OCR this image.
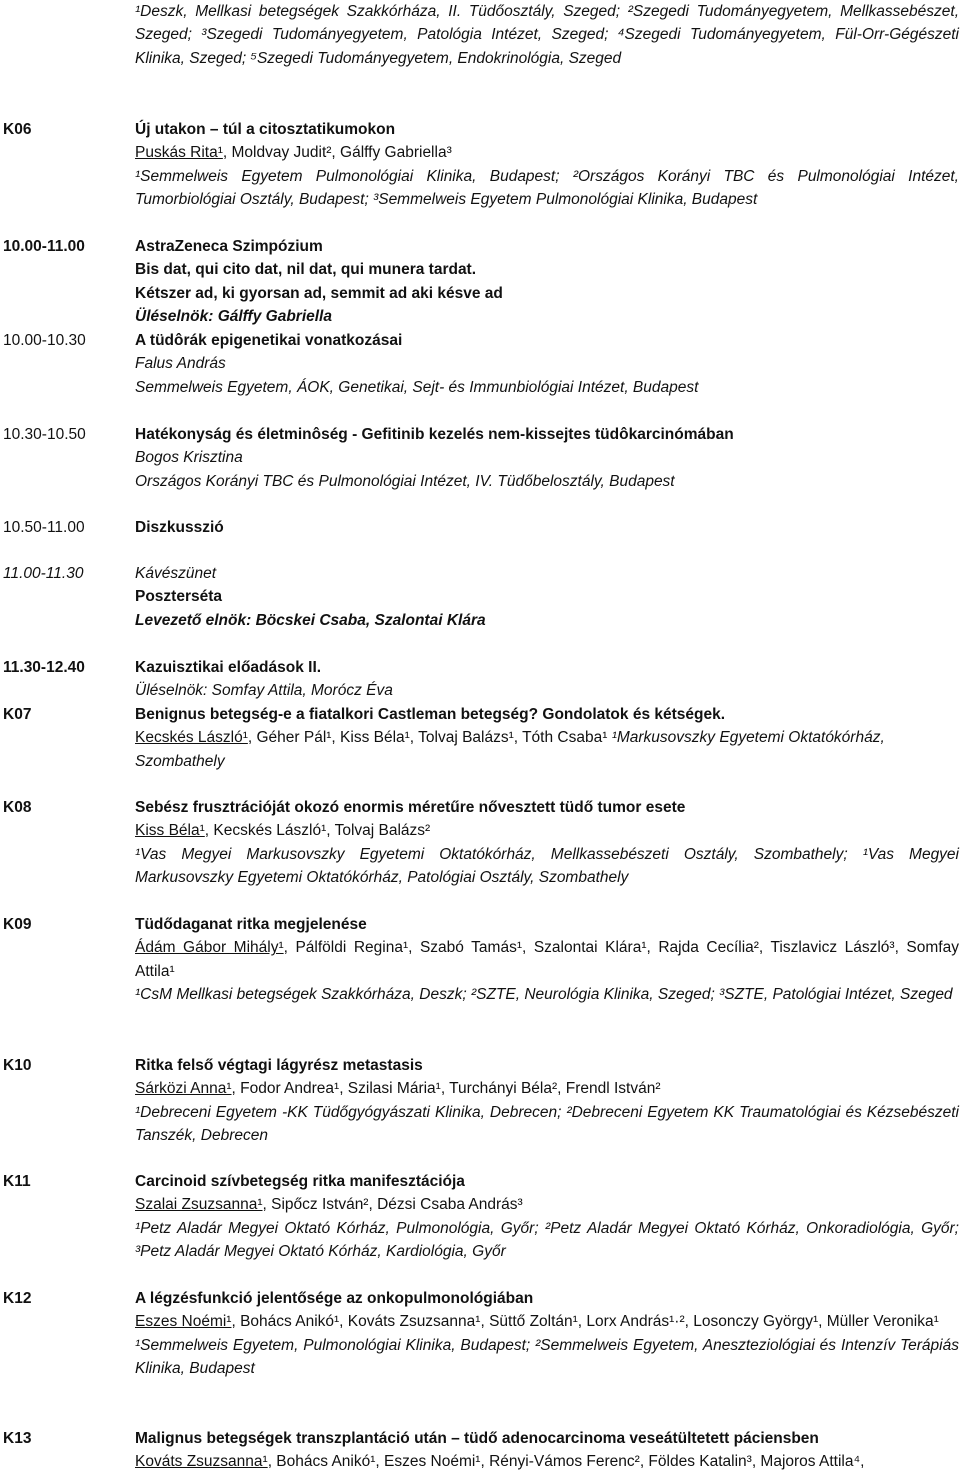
¹Deszk, Mellkasi betegségek Szakkórháza, II. Tüdőosztály, Szeged; ²Szegedi Tudományegyetem, Mellkassebészet, Szeged; ³Szegedi Tudományegyetem, Patológia Intézet, Szeged; ⁴Szegedi Tudományegyetem, Fül-Orr-Gégészeti Klinika, Szeged; ⁵Szegedi Tudományegyetem, Endokrinológia, Szeged
K06	Új utakon – túl a citosztatikumokon
Puskás Rita¹, Moldvay Judit², Gálffy Gabriella³
¹Semmelweis Egyetem Pulmonológiai Klinika, Budapest; ²Országos Korányi TBC és Pulmonológiai Intézet, Tumorbiológiai Osztály, Budapest; ³Semmelweis Egyetem Pulmonológiai Klinika, Budapest
10.00-11.00	AstraZeneca Szimpózium
Bis dat, qui cito dat, nil dat, qui munera tardat.
Kétszer ad, ki gyorsan ad, semmit ad aki késve ad
Üléselnök: Gálffy Gabriella
10.00-10.30	A tüdôrák epigenetikai vonatkozásai
Falus András
Semmelweis Egyetem, ÁOK, Genetikai, Sejt- és Immunbiológiai Intézet, Budapest
10.30-10.50	Hatékonyság és életminôség - Gefitinib kezelés nem-kissejtes tüdôkarcinómában
Bogos Krisztina
Országos Korányi TBC és Pulmonológiai Intézet, IV. Tüdőbelosztály, Budapest
10.50-11.00	Diszkusszió
11.00-11.30	Kávészünet
Poszterséta
Levezető elnök: Böcskei Csaba, Szalontai Klára
11.30-12.40	Kazuisztikai előadások II.
Üléselnök: Somfay Attila, Morócz Éva
K07	Benignus betegség-e a fiatalkori Castleman betegség? Gondolatok és kétségek.
Kecskés László¹, Géher Pál¹, Kiss Béla¹, Tolvaj Balázs¹, Tóth Csaba¹ ¹Markusovszky Egyetemi Oktatókórház,
Szombathely
K08	Sebész frusztrációját okozó enormis méretűre nővesztett tüdő tumor esete
Kiss Béla¹, Kecskés László¹, Tolvaj Balázs²
¹Vas Megyei Markusovszky Egyetemi Oktatókórház, Mellkassebészeti Osztály, Szombathely; ¹Vas Megyei Markusovszky Egyetemi Oktatókórház, Patológiai Osztály, Szombathely
K09	Tüdődaganat ritka megjelenése
Ádám Gábor Mihály¹, Pálföldi Regina¹, Szabó Tamás¹, Szalontai Klára¹, Rajda Cecília², Tiszlavicz László³, Somfay Attila¹
¹CsM Mellkasi betegségek Szakkórháza, Deszk; ²SZTE, Neurológia Klinika, Szeged; ³SZTE, Patológiai Intézet, Szeged
K10	Ritka felső végtagi lágyrész metastasis
Sárközi Anna¹, Fodor Andrea¹, Szilasi Mária¹, Turchányi Béla², Frendl István²
¹Debreceni Egyetem -KK Tüdőgyógyászati Klinika, Debrecen; ²Debreceni Egyetem KK Traumatológiai és Kézsebészeti Tanszék, Debrecen
K11	Carcinoid szívbetegség ritka manifesztációja
Szalai Zsuzsanna¹, Sipőcz István², Dézsi Csaba András³
¹Petz Aladár Megyei Oktató Kórház, Pulmonológia, Győr; ²Petz Aladár Megyei Oktató Kórház, Onkoradiológia, Győr; ³Petz Aladár Megyei Oktató Kórház, Kardiológia, Győr
K12	A légzésfunkció jelentősége az onkopulmonológiában
Eszes Noémi¹, Bohács Anikó¹, Kováts Zsuzsanna¹, Süttő Zoltán¹, Lorx András¹·², Losonczy György¹, Müller Veronika¹
¹Semmelweis Egyetem, Pulmonológiai Klinika, Budapest; ²Semmelweis Egyetem, Aneszteziológiai és Intenzív Terápiás Klinika, Budapest
K13	Malignus betegségek transzplantáció után – tüdő adenocarcinoma veseátültetett páciensben
Kováts Zsuzsanna¹, Bohács Anikó¹, Eszes Noémi¹, Rényi-Vámos Ferenc², Földes Katalin³, Majoros Attila⁴,
